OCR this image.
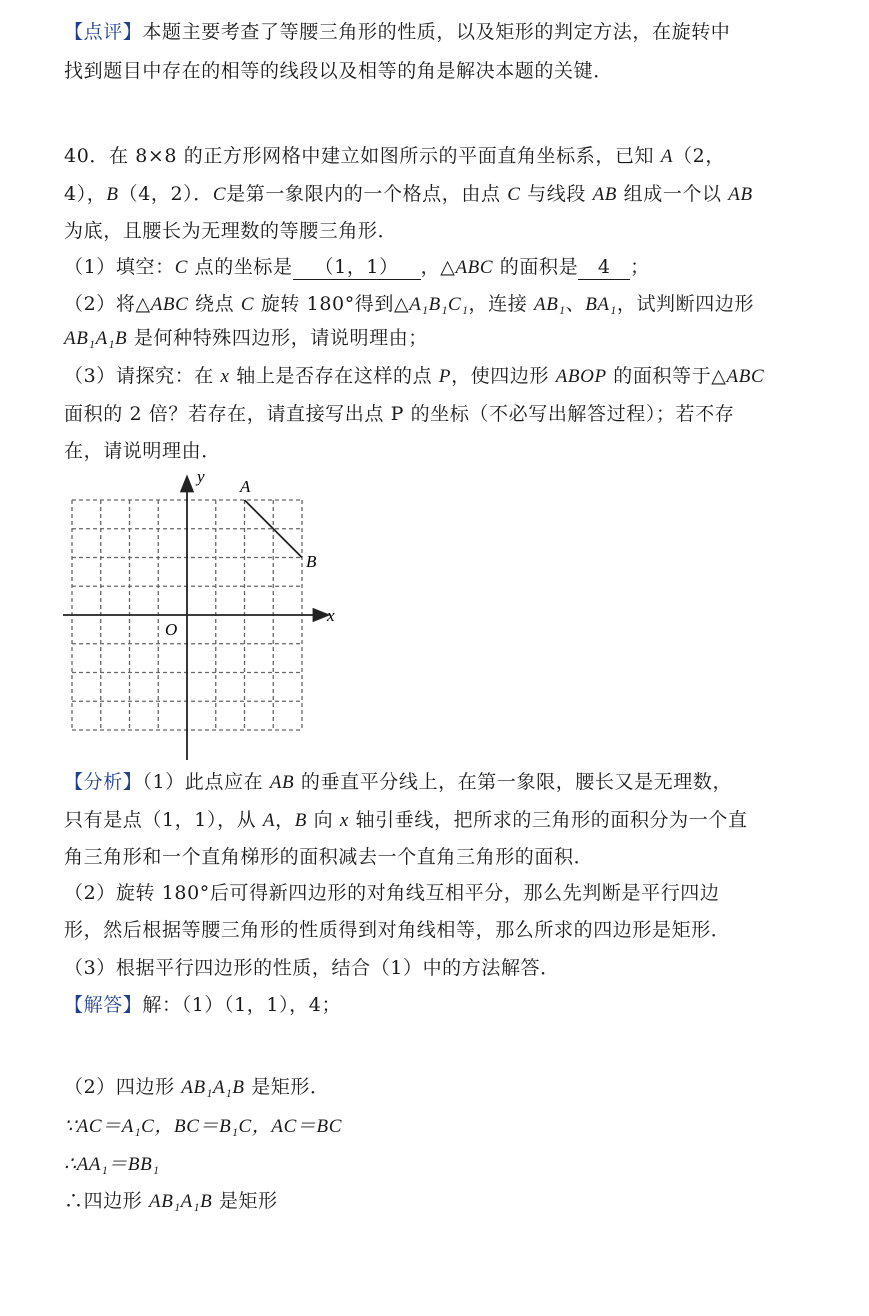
【点评】本题主要考查了等腰三角形的性质，以及矩形的判定方法，在旋转中
找到题目中存在的相等的线段以及相等的角是解决本题的关键．
40．在 8×8 的正方形网格中建立如图所示的平面直角坐标系，已知 A（2，
4），B（4，2）．C是第一象限内的一个格点，由点 C 与线段 AB 组成一个以 AB
为底，且腰长为无理数的等腰三角形．
（1）填空：C 点的坐标是 （1，1） ，△ABC 的面积是 4 ；
（2）将△ABC 绕点 C 旋转 180°得到△A₁B₁C₁，连接 AB₁、BA₁，试判断四边形
AB₁A₁B 是何种特殊四边形，请说明理由；
（3）请探究：在 x 轴上是否存在这样的点 P，使四边形 ABOP 的面积等于△ABC
面积的 2 倍？若存在，请直接写出点 P 的坐标（不必写出解答过程）；若不存
在，请说明理由．
y
x
O
A
B
【分析】（1）此点应在 AB 的垂直平分线上，在第一象限，腰长又是无理数，
只有是点（1，1），从 A，B 向 x 轴引垂线，把所求的三角形的面积分为一个直
角三角形和一个直角梯形的面积减去一个直角三角形的面积．
（2）旋转 180°后可得新四边形的对角线互相平分，那么先判断是平行四边
形，然后根据等腰三角形的性质得到对角线相等，那么所求的四边形是矩形．
（3）根据平行四边形的性质，结合（1）中的方法解答．
【解答】解：（1）（1，1），4；
（2）四边形 AB₁A₁B 是矩形．
∵AC＝A₁C，BC＝B₁C，AC＝BC
∴AA₁＝BB₁
∴四边形 AB₁A₁B 是矩形
